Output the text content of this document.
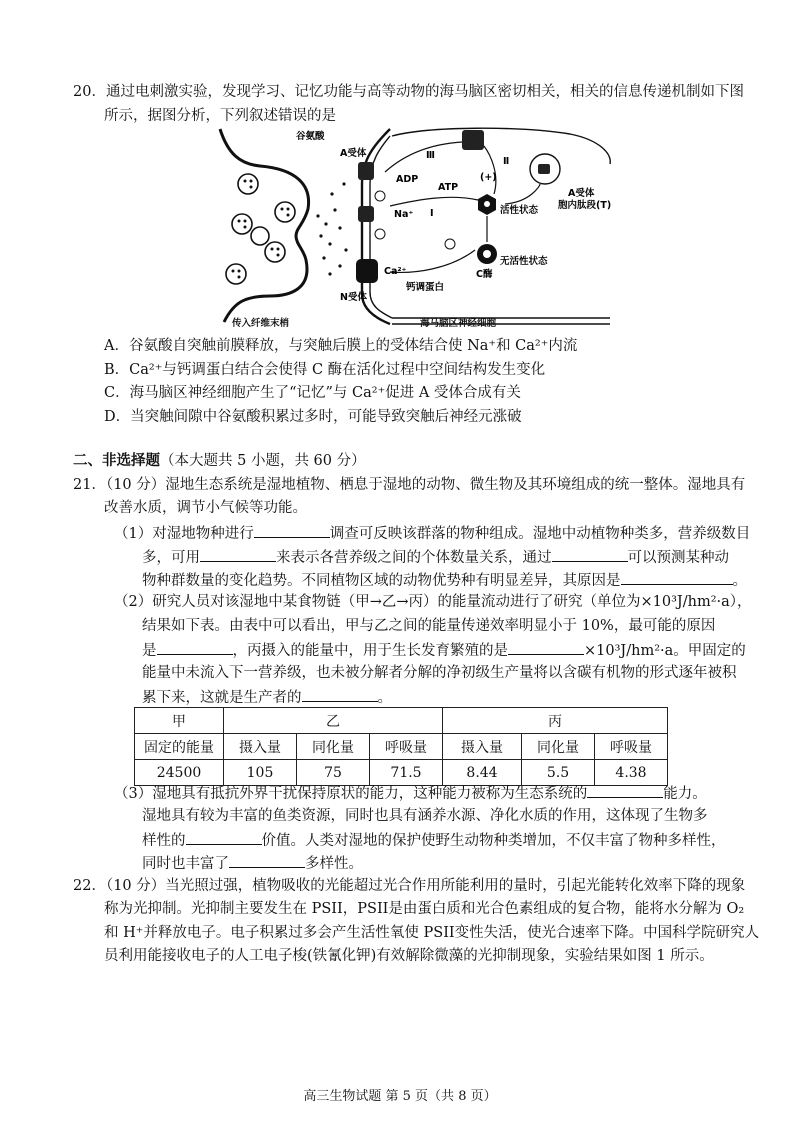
20．通过电刺激实验，发现学习、记忆功能与高等动物的海马脑区密切相关，相关的信息传递机制如下图
所示，据图分析，下列叙述错误的是
谷氨酸
A受体	Ⅲ
Ⅱ
(+)
ADP
ATP
Ⅰ
Na⁺	活性状态
无活性状态
C酶
Ca²⁺
钙调蛋白
N受体
A受体
胞内肽段(T)
传入纤维末梢	海马脑区神经细胞
A．谷氨酸自突触前膜释放，与突触后膜上的受体结合使 Na⁺和 Ca²⁺内流
B．Ca²⁺与钙调蛋白结合会使得 C 酶在活化过程中空间结构发生变化
C．海马脑区神经细胞产生了“记忆”与 Ca²⁺促进 A 受体合成有关
D．当突触间隙中谷氨酸积累过多时，可能导致突触后神经元涨破
二、非选择题（本大题共 5 小题，共 60 分）
21．（10 分）湿地生态系统是湿地植物、栖息于湿地的动物、微生物及其环境组成的统一整体。湿地具有
改善水质，调节小气候等功能。
（1）对湿地物种进行	调查可反映该群落的物种组成。湿地中动植物种类多，营养级数目
多，可用	来表示各营养级之间的个体数量关系，通过	可以预测某种动
物种群数量的变化趋势。不同植物区域的动物优势种有明显差异，其原因是	。
（2）研究人员对该湿地中某食物链（甲→乙→丙）的能量流动进行了研究（单位为×10³J/hm²·a），
结果如下表。由表中可以看出，甲与乙之间的能量传递效率明显小于 10%，最可能的原因
是	，丙摄入的能量中，用于生长发育繁殖的是	×10³J/hm²·a。甲固定的
能量中未流入下一营养级，也未被分解者分解的净初级生产量将以含碳有机物的形式逐年被积
累下来，这就是生产者的	。
甲	乙			丙		
固定的能量	摄入量	同化量	呼吸量	摄入量	同化量	呼吸量
24500	105	75	71.5	8.44	5.5	4.38
（3）湿地具有抵抗外界干扰保持原状的能力，这种能力被称为生态系统的	能力。
湿地具有较为丰富的鱼类资源，同时也具有涵养水源、净化水质的作用，这体现了生物多
样性的	价值。人类对湿地的保护使野生动物种类增加，不仅丰富了物种多样性，
同时也丰富了	多样性。
22．（10 分）当光照过强，植物吸收的光能超过光合作用所能利用的量时，引起光能转化效率下降的现象
称为光抑制。光抑制主要发生在 PSII，PSII是由蛋白质和光合色素组成的复合物，能将水分解为 O₂
和 H⁺并释放电子。电子积累过多会产生活性氧使 PSII变性失活，使光合速率下降。中国科学院研究人
员利用能接收电子的人工电子梭(铁氰化钾)有效解除微藻的光抑制现象，实验结果如图 1 所示。
高三生物试题 第 5 页（共 8 页）
